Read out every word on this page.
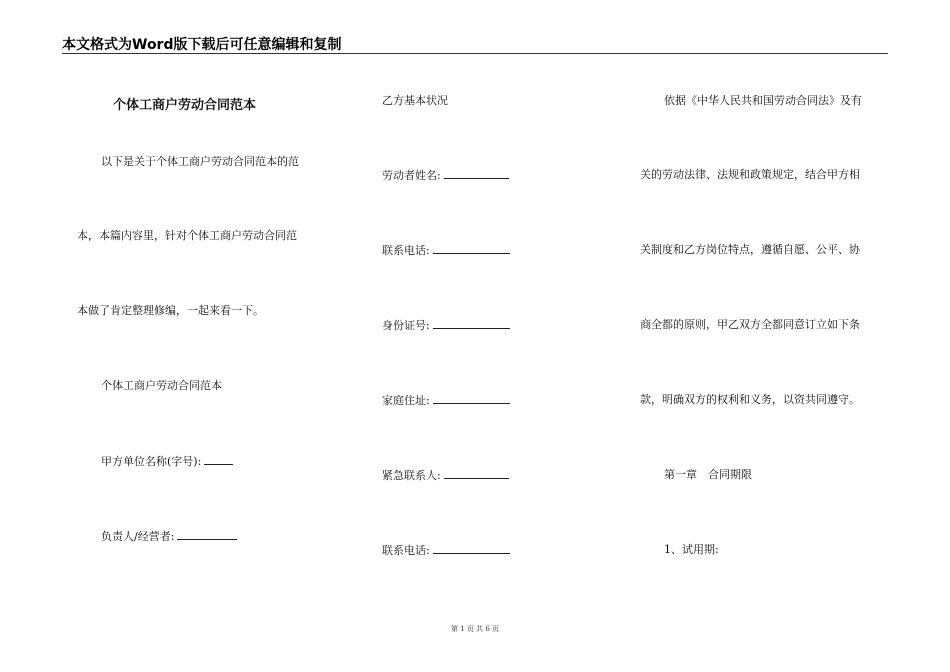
本文格式为Word版下载后可任意编辑和复制
个体工商户劳动合同范本
以下是关于个体工商户劳动合同范本的范
本，本篇内容里，针对个体工商户劳动合同范
本做了肯定整理修编，一起来看一下。
个体工商户劳动合同范本
甲方单位名称(字号):
负责人/经营者:
乙方基本状况
劳动者姓名:
联系电话:
身份证号:
家庭住址:
紧急联系人:
联系电话:
依据《中华人民共和国劳动合同法》及有
关的劳动法律、法规和政策规定，结合甲方相
关制度和乙方岗位特点，遵循自愿、公平、协
商全都的原则，甲乙双方全都同意订立如下条
款，明确双方的权利和义务，以资共同遵守。
第一章　合同期限
1、试用期:
第 1 页 共 6 页
